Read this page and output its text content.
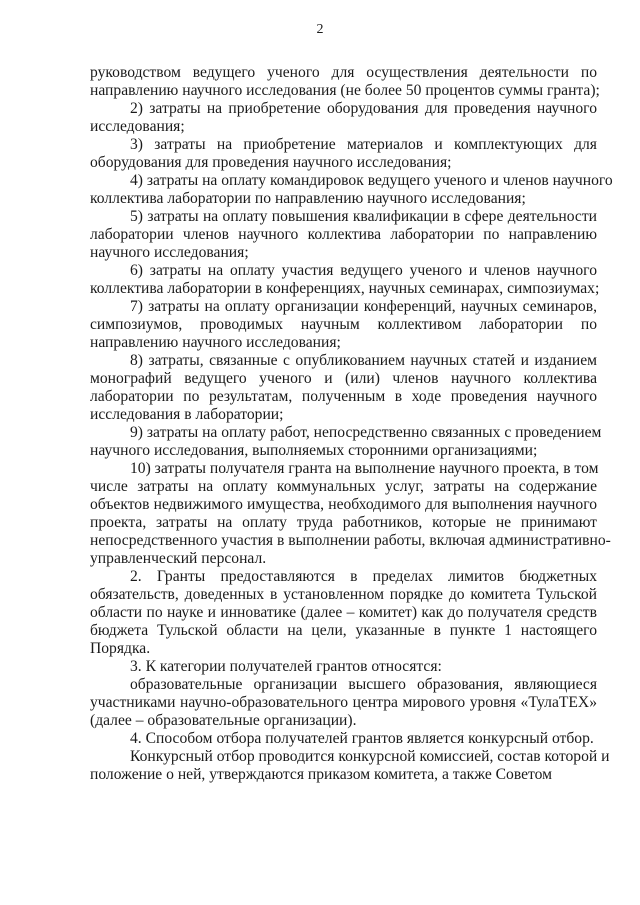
2
руководством ведущего ученого для осуществления деятельности по
направлению научного исследования (не более 50 процентов суммы гранта);
2) затраты на приобретение оборудования для проведения научного
исследования;
3) затраты на приобретение материалов и комплектующих для
оборудования для проведения научного исследования;
4) затраты на оплату командировок ведущего ученого и членов научного
коллектива лаборатории по направлению научного исследования;
5) затраты на оплату повышения квалификации в сфере деятельности
лаборатории членов научного коллектива лаборатории по направлению
научного исследования;
6) затраты на оплату участия ведущего ученого и членов научного
коллектива лаборатории в конференциях, научных семинарах, симпозиумах;
7) затраты на оплату организации конференций, научных семинаров,
симпозиумов, проводимых научным коллективом лаборатории по
направлению научного исследования;
8) затраты, связанные с опубликованием научных статей и изданием
монографий ведущего ученого и (или) членов научного коллектива
лаборатории по результатам, полученным в ходе проведения научного
исследования в лаборатории;
9) затраты на оплату работ, непосредственно связанных с проведением
научного исследования, выполняемых сторонними организациями;
10) затраты получателя гранта на выполнение научного проекта, в том
числе затраты на оплату коммунальных услуг, затраты на содержание
объектов недвижимого имущества, необходимого для выполнения научного
проекта, затраты на оплату труда работников, которые не принимают
непосредственного участия в выполнении работы, включая административно-
управленческий персонал.
2. Гранты предоставляются в пределах лимитов бюджетных
обязательств, доведенных в установленном порядке до комитета Тульской
области по науке и инноватике (далее – комитет) как до получателя средств
бюджета Тульской области на цели, указанные в пункте 1 настоящего
Порядка.
3. К категории получателей грантов относятся:
образовательные организации высшего образования, являющиеся
участниками научно-образовательного центра мирового уровня «ТулаТЕХ»
(далее – образовательные организации).
4. Способом отбора получателей грантов является конкурсный отбор.
Конкурсный отбор проводится конкурсной комиссией, состав которой и
положение о ней, утверждаются приказом комитета, а также Советом
